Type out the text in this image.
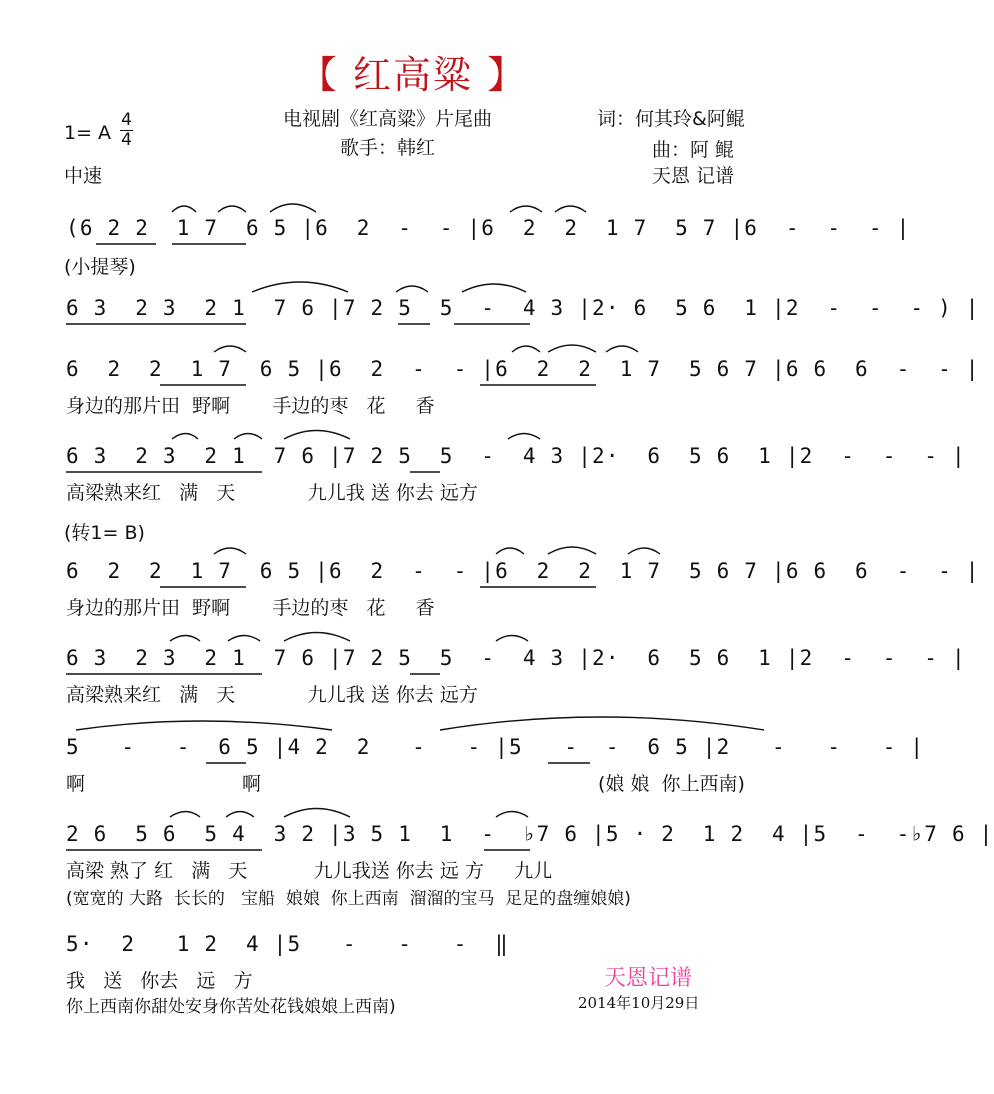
【 红高粱 】
1= A
4
4
中速
电视剧《红高粱》片尾曲
歌手：韩红
词：何其玲&阿鲲
曲：阿 鲲
天恩 记谱
(6 2 2  1 7  6 5 |6  2  -  - |6  2  2  1 7  5 7 |6  -  -  - |
(小提琴)
6 3  2 3  2 1  7 6 |7 2 5  5  -  4 3 |2· 6  5 6  1 |2  -  -  - ) |
6  2  2  1 7  6 5 |6  2  -  - |6  2  2  1 7  5 6 7 |6 6  6  -  - |
身边的那片田  野啊       手边的枣   花     香
6 3  2 3  2 1  7 6 |7 2 5  5  -  4 3 |2·  6  5 6  1 |2  -  -  - |
高梁熟来红   满   天            九儿我 送 你去 远方
(转1= B)
6  2  2  1 7  6 5 |6  2  -  - |6  2  2  1 7  5 6 7 |6 6  6  -  - |
身边的那片田  野啊       手边的枣   花     香
6 3  2 3  2 1  7 6 |7 2 5  5  -  4 3 |2·  6  5 6  1 |2  -  -  - |
高梁熟来红   满   天            九儿我 送 你去 远方
5   -   -  6 5 |4 2  2   -   - |5   -  -  6 5 |2   -   -   - |
啊                          啊	(娘 娘  你上西南)
2 6  5 6  5 4  3 2 |3 5 1  1  -  ♭7 6 |5 · 2  1 2  4 |5  -  -♭7 6 |
高梁 熟了 红   满   天           九儿我送 你去 远 方     九儿
(宽宽的 大路  长长的   宝船  娘娘  你上西南  溜溜的宝马  足足的盘缠娘娘)
5·  2   1 2  4 |5   -   -   -  ‖
我   送   你去   远   方
你上西南你甜处安身你苦处花钱娘娘上西南)
天恩记谱
2014年10月29日
